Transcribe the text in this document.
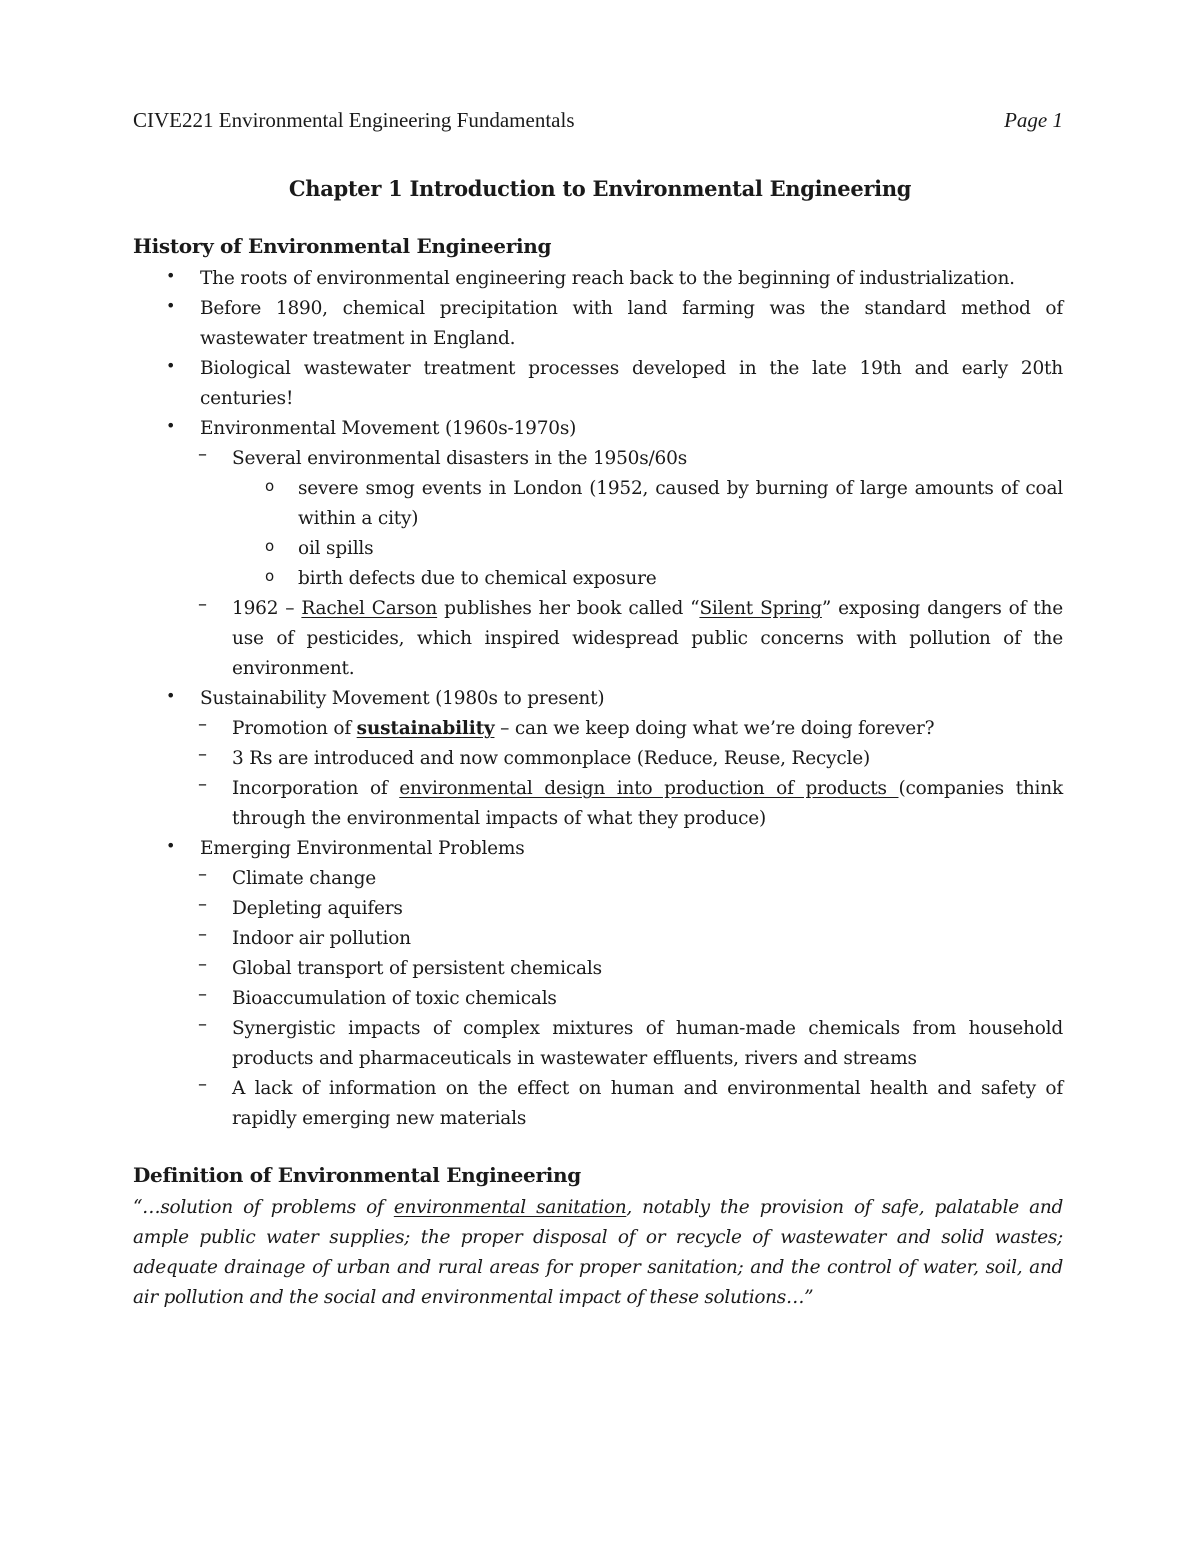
CIVE221 Environmental Engineering Fundamentals	Page 1
Chapter 1 Introduction to Environmental Engineering
History of Environmental Engineering
• The roots of environmental engineering reach back to the beginning of industrialization.
• Before 1890, chemical precipitation with land farming was the standard method of wastewater treatment in England.
• Biological wastewater treatment processes developed in the late 19th and early 20th centuries!
• Environmental Movement (1960s-1970s)
– Several environmental disasters in the 1950s/60s
o severe smog events in London (1952, caused by burning of large amounts of coal within a city)
o oil spills
o birth defects due to chemical exposure
– 1962 – Rachel Carson publishes her book called “Silent Spring” exposing dangers of the use of pesticides, which inspired widespread public concerns with pollution of the environment.
• Sustainability Movement (1980s to present)
– Promotion of sustainability – can we keep doing what we’re doing forever?
– 3 Rs are introduced and now commonplace (Reduce, Reuse, Recycle)
– Incorporation of environmental design into production of products (companies think through the environmental impacts of what they produce)
• Emerging Environmental Problems
– Climate change
– Depleting aquifers
– Indoor air pollution
– Global transport of persistent chemicals
– Bioaccumulation of toxic chemicals
– Synergistic impacts of complex mixtures of human-made chemicals from household products and pharmaceuticals in wastewater effluents, rivers and streams
– A lack of information on the effect on human and environmental health and safety of rapidly emerging new materials
Definition of Environmental Engineering
“…solution of problems of environmental sanitation, notably the provision of safe, palatable and ample public water supplies; the proper disposal of or recycle of wastewater and solid wastes; adequate drainage of urban and rural areas for proper sanitation; and the control of water, soil, and air pollution and the social and environmental impact of these solutions…”
